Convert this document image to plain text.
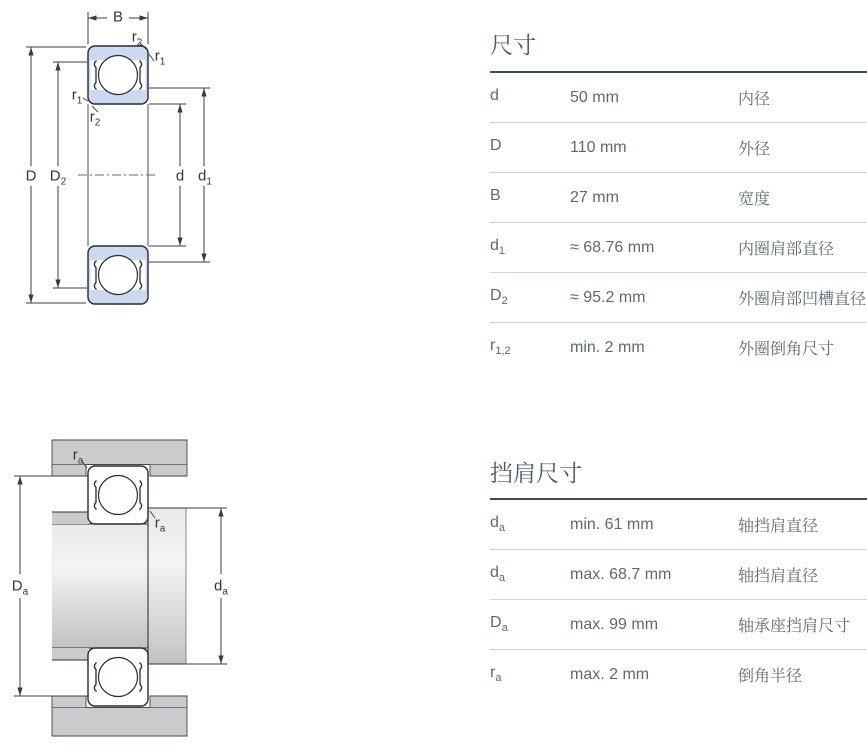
B
$r_2$
$r_1$
$r_1$
$r_2$
D $D_2$	d $d_1$
$r_a$
$r_a$
$D_a$	$d_a$
尺寸
d	50 mm	内径
D	110 mm	外径
B	27 mm	宽度
$d_1$	≈ 68.76 mm	内圈肩部直径
$D_2$	≈ 95.2 mm	外圈肩部凹槽直径
$r_{1,2}$	min. 2 mm	外圈倒角尺寸
挡肩尺寸
$d_a$	min. 61 mm	轴挡肩直径
$d_a$	max. 68.7 mm	轴挡肩直径
$D_a$	max. 99 mm	轴承座挡肩尺寸
$r_a$	max. 2 mm	倒角半径
